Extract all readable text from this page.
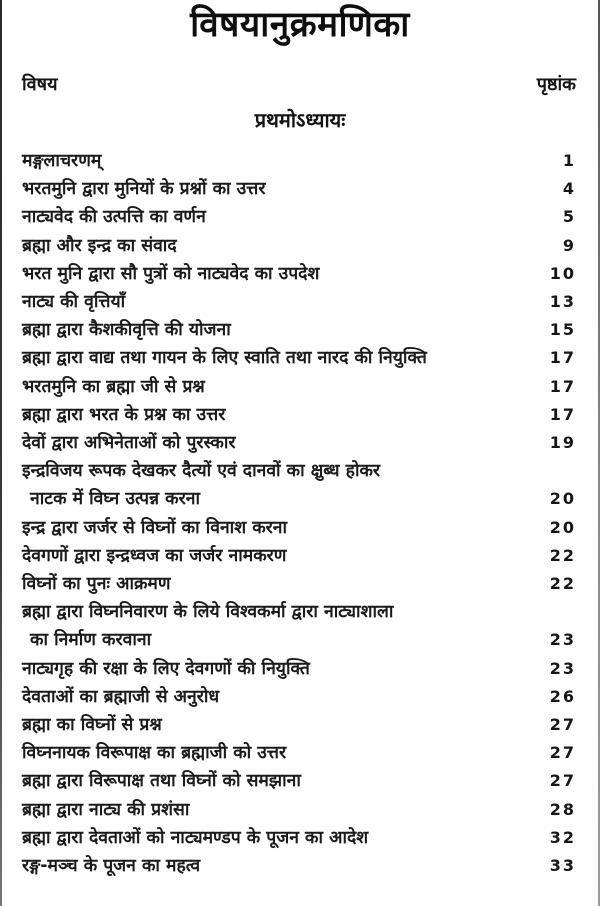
विषयानुक्रमणिका
विषय	पृष्ठांक
प्रथमोऽध्यायः
मङ्गलाचरणम्	1
भरतमुनि द्वारा मुनियों के प्रश्नों का उत्तर	4
नाट्यवेद की उत्पत्ति का वर्णन	5
ब्रह्मा और इन्द्र का संवाद	9
भरत मुनि द्वारा सौ पुत्रों को नाट्यवेद का उपदेश	10
नाट्य की वृत्तियाँ	13
ब्रह्मा द्वारा कैशकीवृत्ति की योजना	15
ब्रह्मा द्वारा वाद्य तथा गायन के लिए स्वाति तथा नारद की नियुक्ति	17
भरतमुनि का ब्रह्मा जी से प्रश्न	17
ब्रह्मा द्वारा भरत के प्रश्न का उत्तर	17
देवों द्वारा अभिनेताओं को पुरस्कार	19
इन्द्रविजय रूपक देखकर दैत्यों एवं दानवों का क्षुब्ध होकर
नाटक में विघ्न उत्पन्न करना	20
इन्द्र द्वारा जर्जर से विघ्नों का विनाश करना	20
देवगणों द्वारा इन्द्रध्वज का जर्जर नामकरण	22
विघ्नों का पुनः आक्रमण	22
ब्रह्मा द्वारा विघ्ननिवारण के लिये विश्वकर्मा द्वारा नाट्याशाला
का निर्माण करवाना	23
नाट्यगृह की रक्षा के लिए देवगणों की नियुक्ति	23
देवताओं का ब्रह्माजी से अनुरोध	26
ब्रह्मा का विघ्नों से प्रश्न	27
विघ्ननायक विरूपाक्ष का ब्रह्माजी को उत्तर	27
ब्रह्मा द्वारा विरूपाक्ष तथा विघ्नों को समझाना	27
ब्रह्मा द्वारा नाट्य की प्रशंसा	28
ब्रह्मा द्वारा देवताओं को नाट्यमण्डप के पूजन का आदेश	32
रङ्ग-मञ्च के पूजन का महत्व	33
